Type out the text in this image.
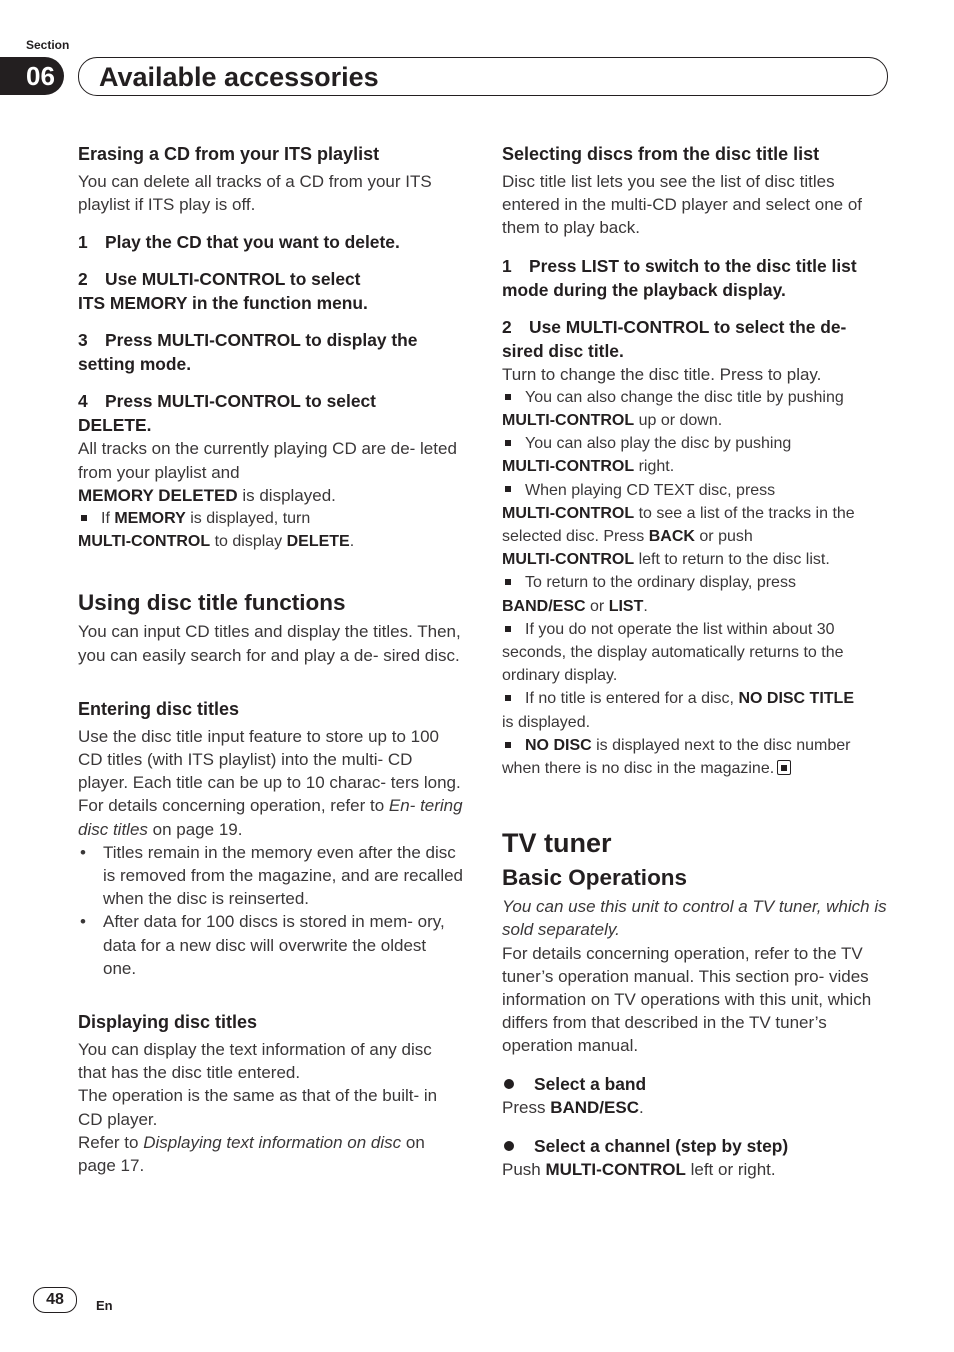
Section
06	Available accessories
Erasing a CD from your ITS playlist

You can delete all tracks of a CD from your ITS playlist if ITS play is off.

1 Play the CD that you want to delete.

2 Use MULTI-CONTROL to select

ITS MEMORY in the function menu.

3 Press MULTI-CONTROL to display the setting mode.

4 Press MULTI-CONTROL to select

DELETE.

All tracks on the currently playing CD are de- leted from your playlist and

MEMORY DELETED is displayed.

If MEMORY is displayed, turn
MULTI-CONTROL to display DELETE.
Using disc title functions

You can input CD titles and display the titles. Then, you can easily search for and play a de- sired disc.

Entering disc titles

Use the disc title input feature to store up to 100 CD titles (with ITS playlist) into the multi- CD player. Each title can be up to 10 charac- ters long.

For details concerning operation, refer to En- tering disc titles on page 19.

• Titles remain in the memory even after the disc is removed from the magazine, and are recalled when the disc is reinserted.
• After data for 100 discs is stored in mem- ory, data for a new disc will overwrite the oldest one.
Displaying disc titles

You can display the text information of any disc that has the disc title entered.

The operation is the same as that of the built- in CD player.

Refer to Displaying text information on disc on page 17.

Selecting discs from the disc title list

Disc title list lets you see the list of disc titles entered in the multi-CD player and select one of them to play back.

1 Press LIST to switch to the disc title list mode during the playback display.

2 Use MULTI-CONTROL to select the de- sired disc title.

Turn to change the disc title. Press to play.

You can also change the disc title by pushing
MULTI-CONTROL up or down.
You can also play the disc by pushing
MULTI-CONTROL right.
When playing CD TEXT disc, press
MULTI-CONTROL to see a list of the tracks in the selected disc. Press BACK or push
MULTI-CONTROL left to return to the disc list.
To return to the ordinary display, press
BAND/ESC or LIST.
If you do not operate the list within about 30 seconds, the display automatically returns to the ordinary display.
If no title is entered for a disc, NO DISC TITLE
is displayed.
NO DISC is displayed next to the disc number when there is no disc in the magazine.
TV tuner
Basic Operations

You can use this unit to control a TV tuner, which is sold separately.

For details concerning operation, refer to the TV tuner’s operation manual. This section pro- vides information on TV operations with this unit, which differs from that described in the TV tuner’s operation manual.

Select a band

Press BAND/ESC.

Select a channel (step by step)

Push MULTI-CONTROL left or right.

48	En
